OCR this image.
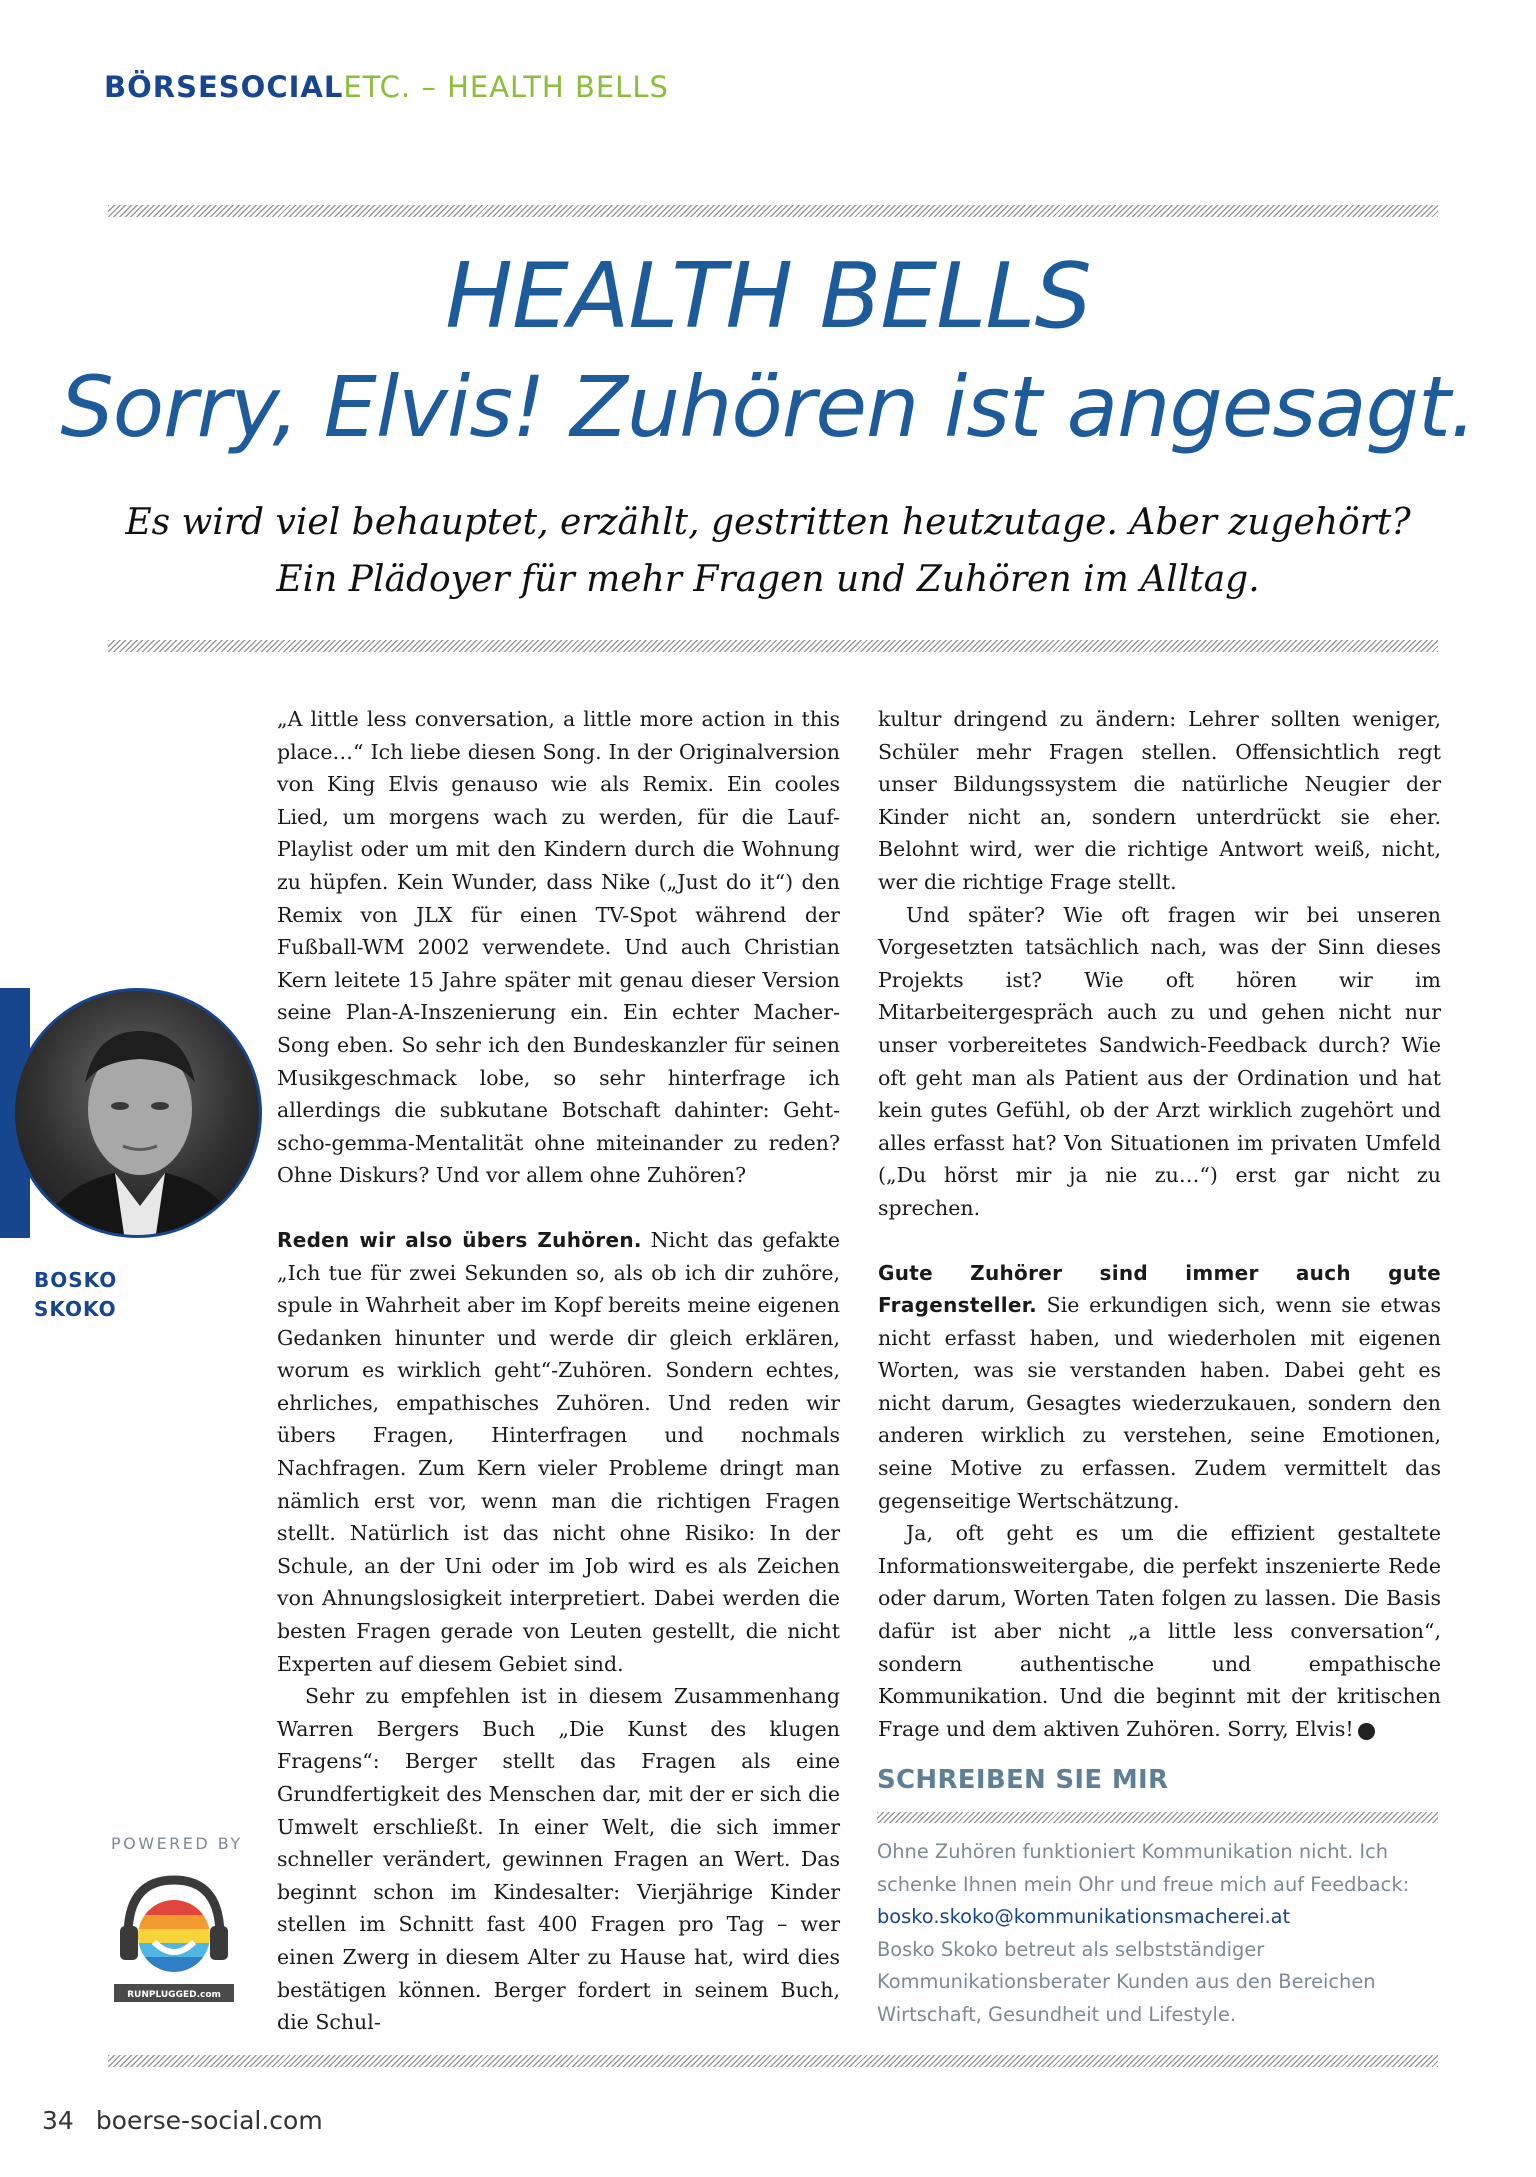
BÖRSESOCIALETC. – HEALTH BELLS
HEALTH BELLS
Sorry, Elvis! Zuhören ist angesagt.
Es wird viel behauptet, erzählt, gestritten heutzutage. Aber zugehört? Ein Plädoyer für mehr Fragen und Zuhören im Alltag.

„A little less conversation, a little more action in this place…“ Ich liebe diesen Song. In der Originalversion von King Elvis genauso wie als Remix. Ein cooles Lied, um morgens wach zu werden, für die Lauf-Playlist oder um mit den Kindern durch die Wohnung zu hüpfen. Kein Wunder, dass Nike („Just do it“) den Remix von JLX für einen TV-Spot während der Fußball-WM 2002 verwendete. Und auch Christian Kern leitete 15 Jahre später mit genau dieser Version seine Plan-A-Inszenierung ein. Ein echter Macher-Song eben. So sehr ich den Bundeskanzler für seinen Musikgeschmack lobe, so sehr hinterfrage ich allerdings die subkutane Botschaft dahinter: Geht-scho-gemma-Mentalität ohne miteinander zu reden? Ohne Diskurs? Und vor allem ohne Zuhören?

Reden wir also übers Zuhören. Nicht das gefakte „Ich tue für zwei Sekunden so, als ob ich dir zuhöre, spule in Wahrheit aber im Kopf bereits meine eigenen Gedanken hinunter und werde dir gleich erklären, worum es wirklich geht“-Zuhören. Sondern echtes, ehrliches, empathisches Zuhören. Und reden wir übers Fragen, Hinterfragen und nochmals Nachfragen. Zum Kern vieler Probleme dringt man nämlich erst vor, wenn man die richtigen Fragen stellt. Natürlich ist das nicht ohne Risiko: In der Schule, an der Uni oder im Job wird es als Zeichen von Ahnungslosigkeit interpretiert. Dabei werden die besten Fragen gerade von Leuten gestellt, die nicht Experten auf diesem Gebiet sind.

Sehr zu empfehlen ist in diesem Zusammenhang Warren Bergers Buch „Die Kunst des klugen Fragens“: Berger stellt das Fragen als eine Grundfertigkeit des Menschen dar, mit der er sich die Umwelt erschließt. In einer Welt, die sich immer schneller verändert, gewinnen Fragen an Wert. Das beginnt schon im Kindesalter: Vierjährige Kinder stellen im Schnitt fast 400 Fragen pro Tag – wer einen Zwerg in diesem Alter zu Hause hat, wird dies bestätigen können. Berger fordert in seinem Buch, die Schul-

BOSKO
SKOKO
POWERED BY
RUNPLUGGED.com
SCHREIBEN SIE MIR

Ohne Zuhören funktioniert Kommunikation nicht. Ich schenke Ihnen mein Ohr und freue mich auf Feedback:

bosko.skoko@kommunikationsmacherei.at

Bosko Skoko betreut als selbstständiger Kommunikationsberater Kunden aus den Bereichen Wirtschaft, Gesundheit und Lifestyle.

34 boerse-social.com

kultur dringend zu ändern: Lehrer sollten weniger, Schüler mehr Fragen stellen. Offensichtlich regt unser Bildungssystem die natürliche Neugier der Kinder nicht an, sondern unterdrückt sie eher. Belohnt wird, wer die richtige Antwort weiß, nicht, wer die richtige Frage stellt.

Und später? Wie oft fragen wir bei unseren Vorgesetzten tatsächlich nach, was der Sinn dieses Projekts ist? Wie oft hören wir im Mitarbeitergespräch auch zu und gehen nicht nur unser vorbereitetes Sandwich-Feedback durch? Wie oft geht man als Patient aus der Ordination und hat kein gutes Gefühl, ob der Arzt wirklich zugehört und alles erfasst hat? Von Situationen im privaten Umfeld („Du hörst mir ja nie zu…“) erst gar nicht zu sprechen.

Gute Zuhörer sind immer auch gute Fragensteller. Sie erkundigen sich, wenn sie etwas nicht erfasst haben, und wiederholen mit eigenen Worten, was sie verstanden haben. Dabei geht es nicht darum, Gesagtes wiederzukauen, sondern den anderen wirklich zu verstehen, seine Emotionen, seine Motive zu erfassen. Zudem vermittelt das gegenseitige Wertschätzung.

Ja, oft geht es um die effizient gestaltete Informationsweitergabe, die perfekt inszenierte Rede oder darum, Worten Taten folgen zu lassen. Die Basis dafür ist aber nicht „a little less conversation“, sondern authentische und empathische Kommunikation. Und die beginnt mit der kritischen Frage und dem aktiven Zuhören. Sorry, Elvis!	●
